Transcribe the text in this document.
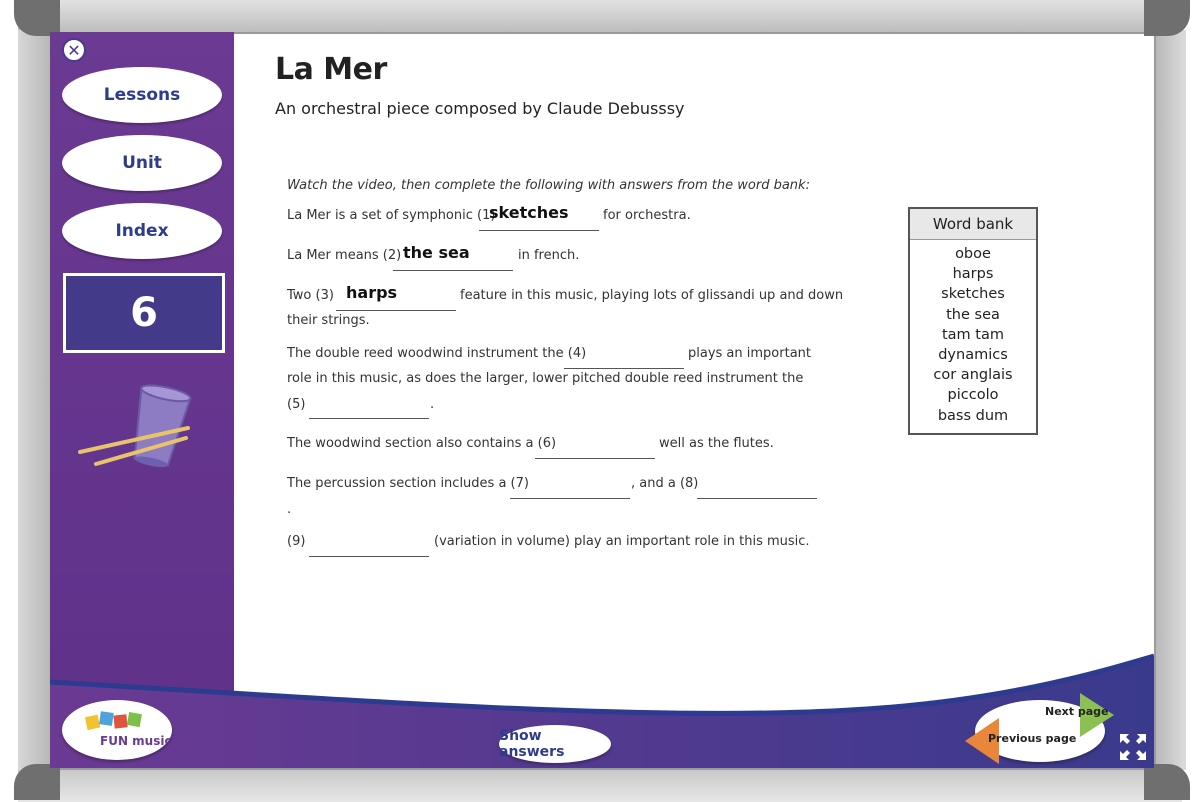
✕
Lessons
Unit
Index
6
La Mer
An orchestral piece composed by Claude Debusssy
Watch the video, then complete the following with answers from the word bank:
La Mer is a set of symphonic (1)
sketches	for orchestra.
La Mer means (2) the sea	in french.
Two (3) harps	feature in this music, playing lots of glissandi up and down
their strings.
The double reed woodwind instrument the (4)	plays an important
role in this music, as does the larger, lower pitched double reed instrument the
(5)	.
The woodwind section also contains a (6)	well as the flutes.
The percussion section includes a (7)	, and a (8)
.
(9)	(variation in volume) play an important role in this music.
Word bank
oboe
harps
sketches
the sea
tam tam
dynamics
cor anglais
piccolo
bass dum
FUN music	Show answers
Next page
Previous page
